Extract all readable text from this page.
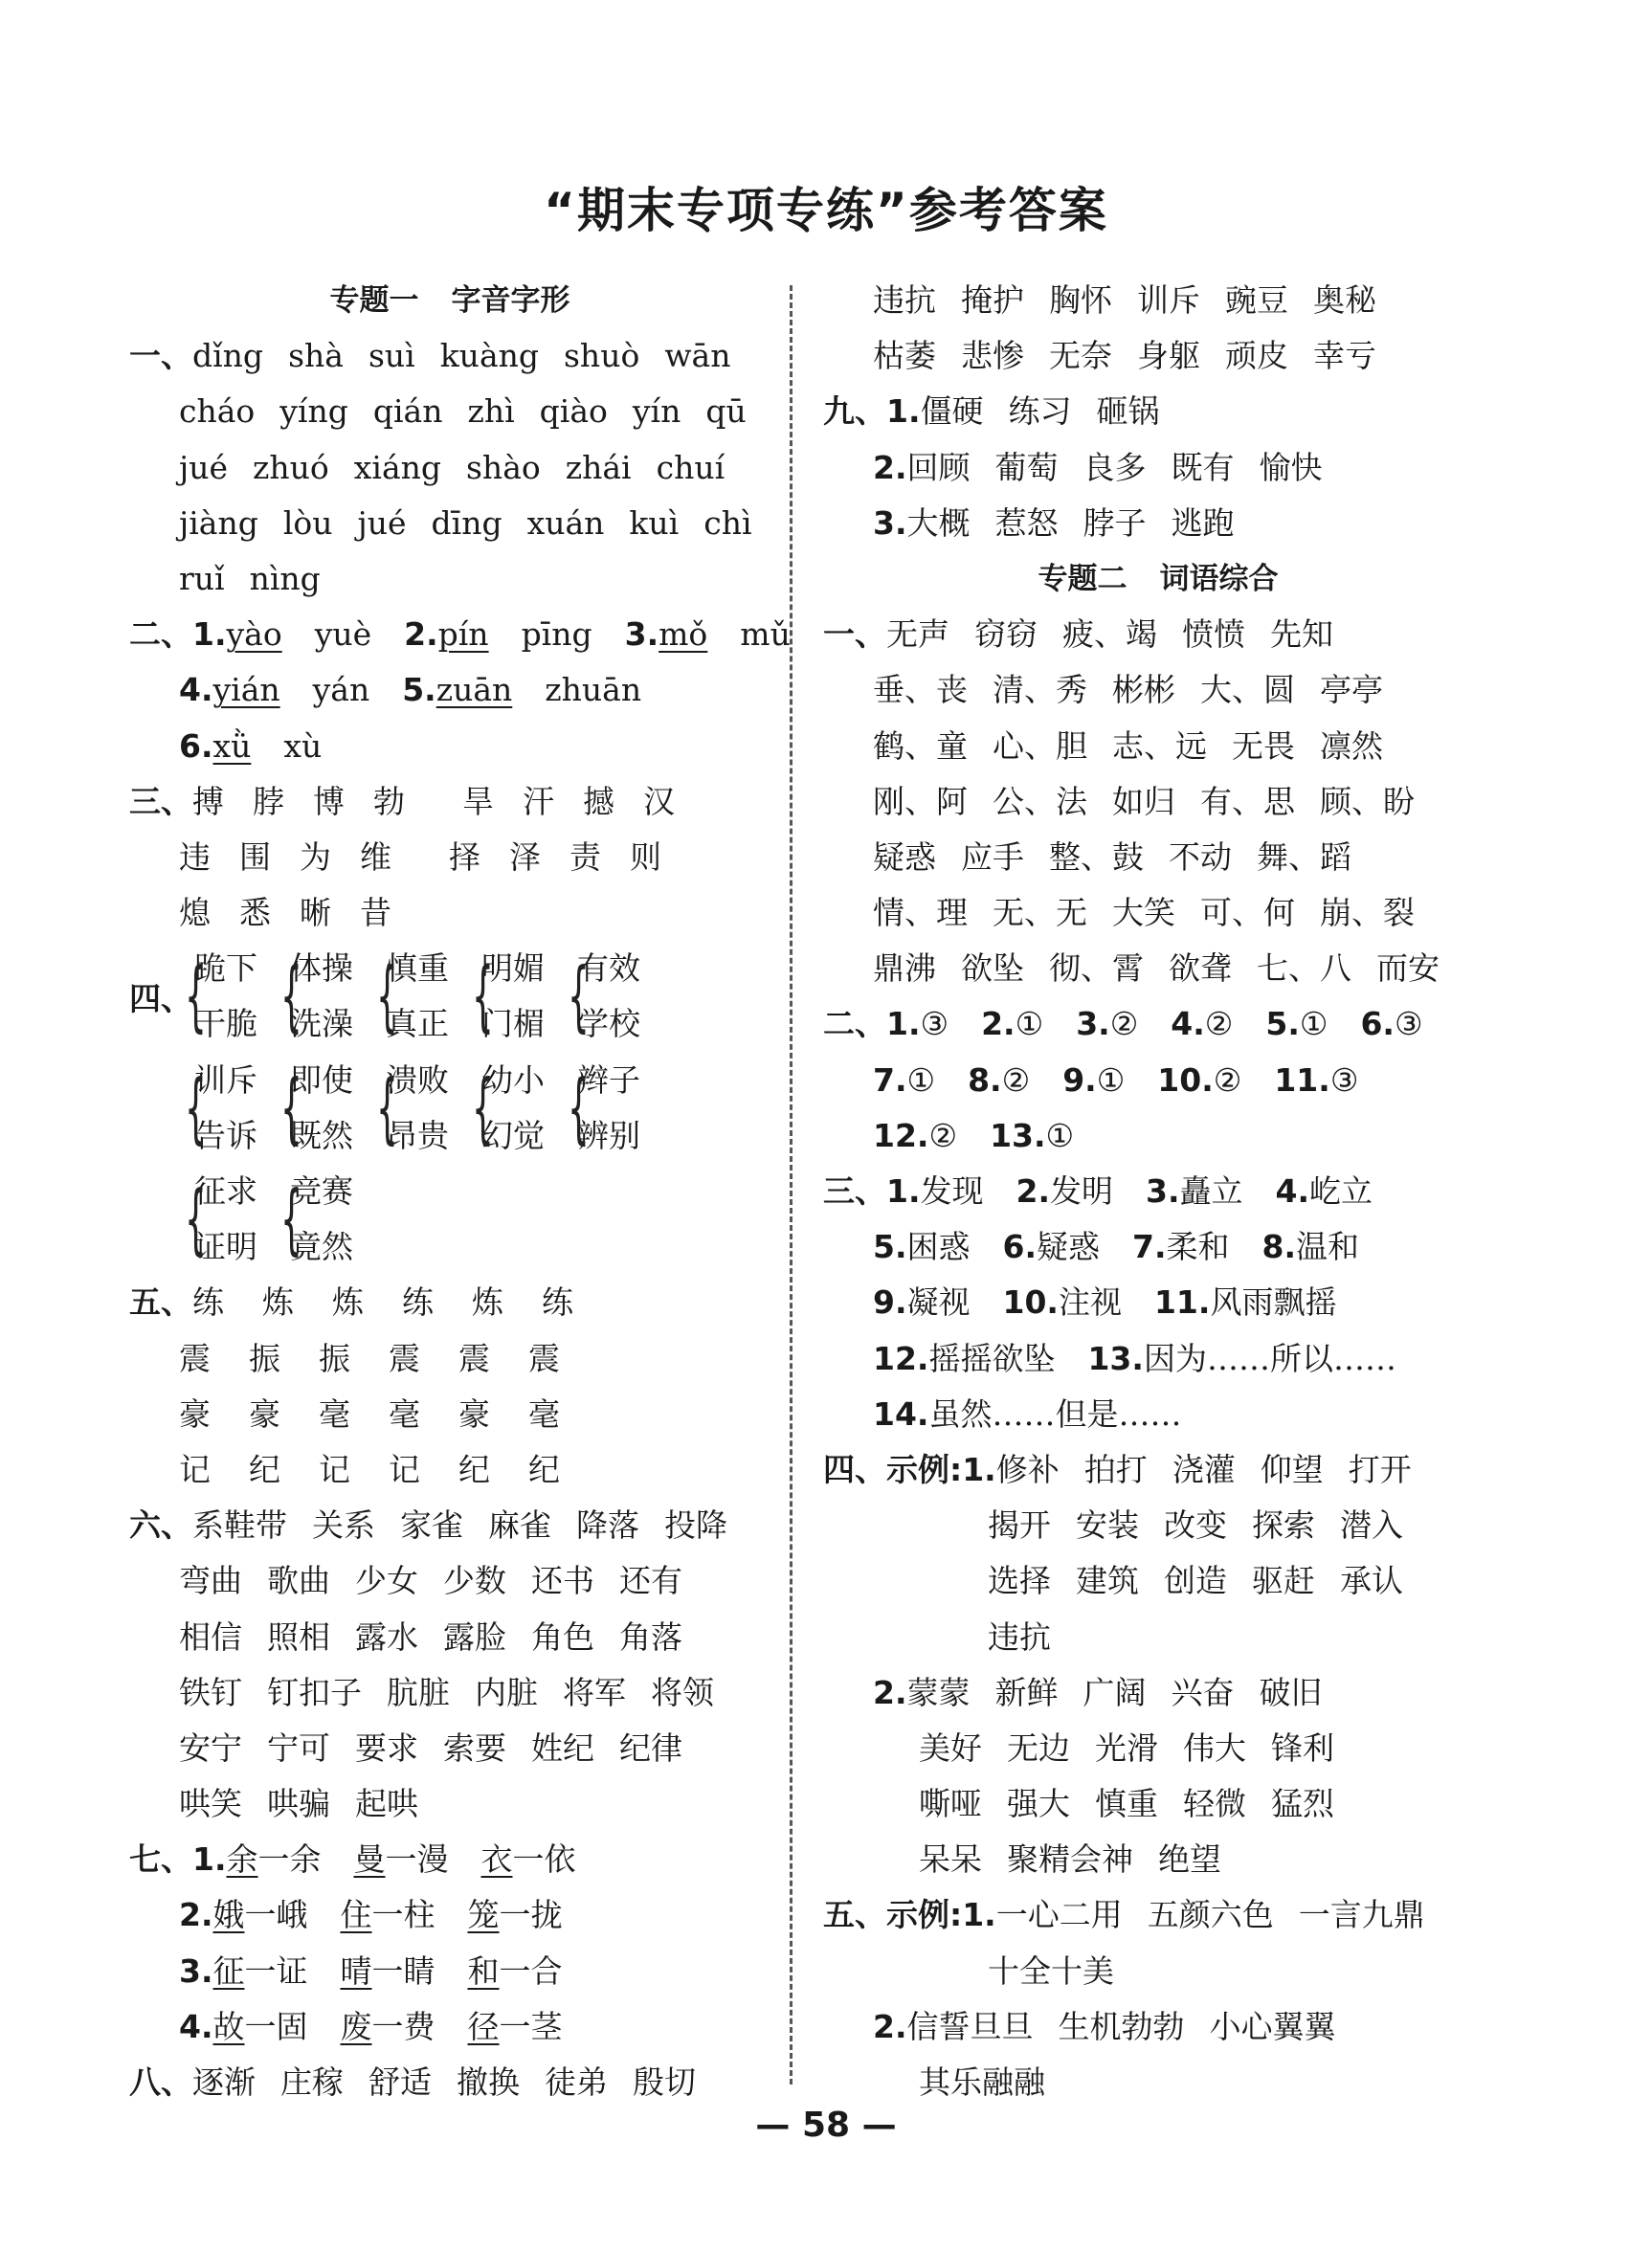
“期末专项专练”参考答案
专题一 字音字形
一、dǐng shà suì kuàng shuò wān
cháo yíng qián zhì qiào yín qū
jué zhuó xiáng shào zhái chuí
jiàng lòu jué dīng xuán kuì chì
ruǐ nìng
二、1.yào yuè 2.pín pīng 3.mǒ mǔ
4.yián yán 5.zuān zhuān
6.xǜ xù
三、搏 脖 博 勃 旱 汗 撼 汉
违 围 为 维 择 泽 责 则
熄 悉 晰 昔
四、
{
跪下
干脆 {
体操
洗澡 {
慎重
真正 {
明媚
门楣 {
有效
学校
{
训斥
告诉 {
即使
既然 {
溃败
昂贵 {
幼小
幻觉 {
辫子
辨别
{
征求
证明 {
竞赛
竟然
五、练 炼 炼 练 炼 练
震 振 振 震 震 震
豪 豪 毫 毫 豪 毫
记 纪 记 记 纪 纪
六、系鞋带 关系 家雀 麻雀 降落 投降
弯曲 歌曲 少女 少数 还书 还有
相信 照相 露水 露脸 角色 角落
铁钉 钉扣子 肮脏 内脏 将军 将领
安宁 宁可 要求 索要 姓纪 纪律
哄笑 哄骗 起哄
七、1.余一余 曼一漫 衣一依
2.娥一峨 住一柱 笼一拢
3.征一证 晴一睛 和一合
4.故一固 废一费 径一茎
八、逐渐 庄稼 舒适 撤换 徒弟 殷切
违抗 掩护 胸怀 训斥 豌豆 奥秘
枯萎 悲惨 无奈 身躯 顽皮 幸亏
九、1.僵硬 练习 砸锅
2.回顾 葡萄 良多 既有 愉快
3.大概 惹怒 脖子 逃跑
专题二 词语综合
一、无声 窃窃 疲、竭 愤愤 先知
垂、丧 清、秀 彬彬 大、圆 亭亭
鹤、童 心、胆 志、远 无畏 凛然
刚、阿 公、法 如归 有、思 顾、盼
疑惑 应手 整、鼓 不动 舞、蹈
情、理 无、无 大笑 可、何 崩、裂
鼎沸 欲坠 彻、霄 欲聋 七、八 而安
二、1.③ 2.① 3.② 4.② 5.① 6.③
7.① 8.② 9.① 10.② 11.③
12.② 13.①
三、1.发现 2.发明 3.矗立 4.屹立
5.困惑 6.疑惑 7.柔和 8.温和
9.凝视 10.注视 11.风雨飘摇
12.摇摇欲坠 13.因为……所以……
14.虽然……但是……
四、示例:1.修补 拍打 浇灌 仰望 打开
揭开 安装 改变 探索 潜入
选择 建筑 创造 驱赶 承认
违抗
2.蒙蒙 新鲜 广阔 兴奋 破旧
美好 无边 光滑 伟大 锋利
嘶哑 强大 慎重 轻微 猛烈
呆呆 聚精会神 绝望
五、示例:1.一心二用 五颜六色 一言九鼎
十全十美
2.信誓旦旦 生机勃勃 小心翼翼
其乐融融
— 58 —
